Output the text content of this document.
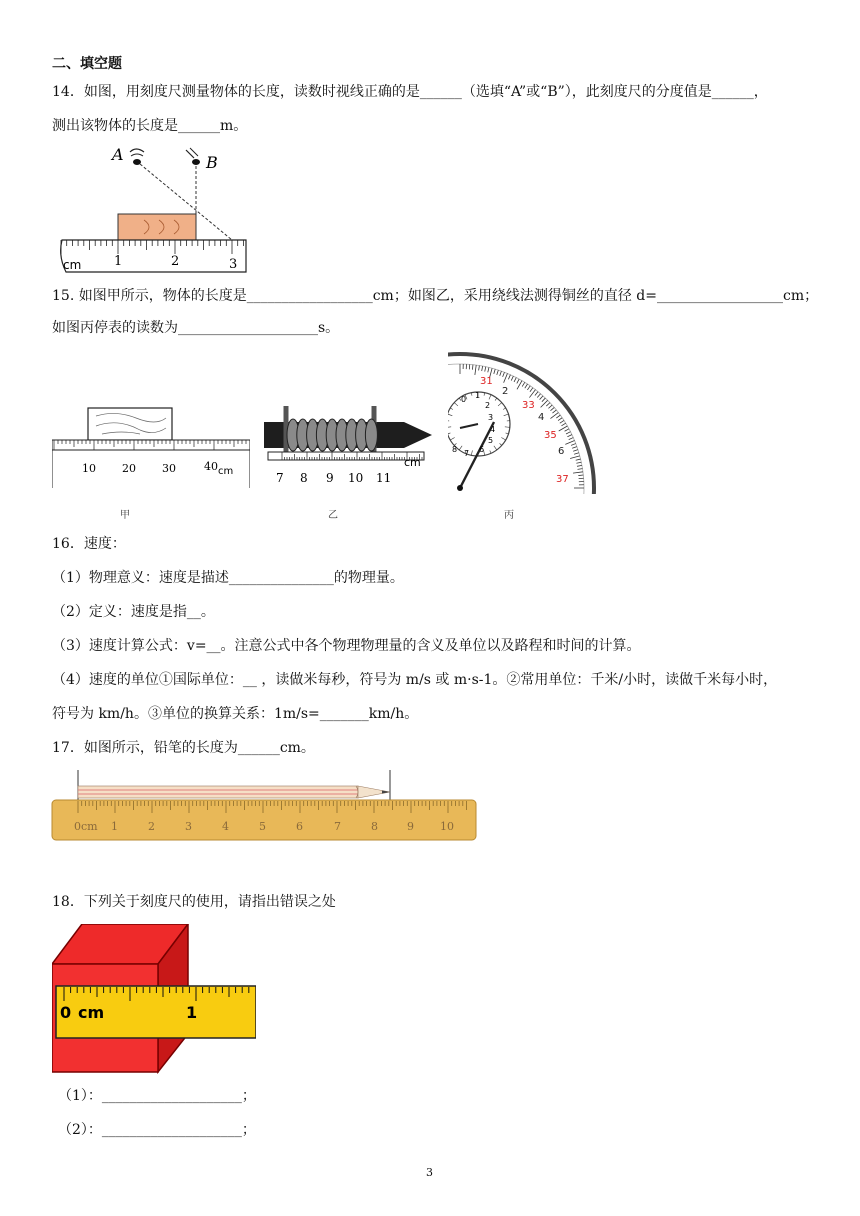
二、填空题
14．如图，用刻度尺测量物体的长度，读数时视线正确的是______（选填“A”或“B”），此刻度尺的分度值是______，
测出该物体的长度是______m。
A	B
cm	1	2	3
15. 如图甲所示，物体的长度是__________________cm；如图乙，采用绕线法测得铜丝的直径 d=__________________cm；
如图丙停表的读数为____________________s。
10 20 30	40 cm
甲
7 8 9 10 11
cm
乙
31
2
33
4
35
6
37
0 1
2
3
4
5
6
7
8
丙
16．速度：
（1）物理意义：速度是描述_______________的物理量。
（2）定义：速度是指__。
（3）速度计算公式：v=__。注意公式中各个物理物理量的含义及单位以及路程和时间的计算。
（4）速度的单位①国际单位：__ ，读做米每秒，符号为 m/s 或 m·s-1。②常用单位：千米/小时，读做千米每小时，
符号为 km/h。③单位的换算关系：1m/s=_______km/h。
17．如图所示，铅笔的长度为______cm。
0cm 1	2	3	4	5	6	7	8	9 10
18．下列关于刻度尺的使用，请指出错误之处
0 cm	1
（1）：____________________；
（2）：____________________；
3
